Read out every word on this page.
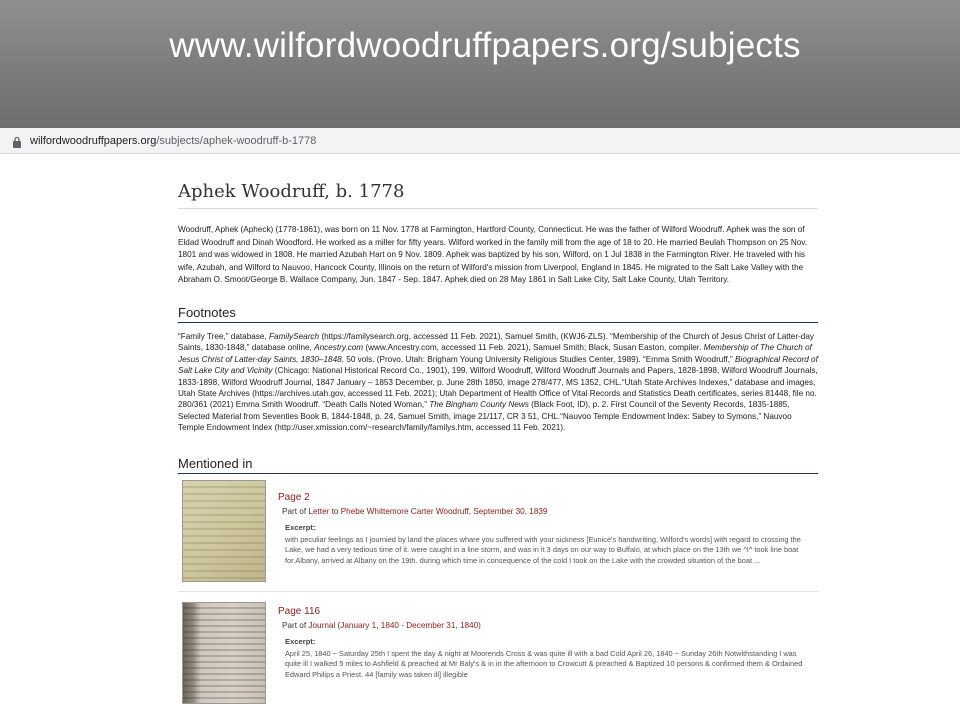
www.wilfordwoodruffpapers.org/subjects
wilfordwoodruffpapers.org/subjects/aphek-woodruff-b-1778
Aphek Woodruff, b. 1778

Woodruff, Aphek (Apheck) (1778-1861), was born on 11 Nov. 1778 at Farmington, Hartford County, Connecticut. He was the father of Wilford Woodruff. Aphek was the son of Eldad Woodruff and Dinah Woodford. He worked as a miller for fifty years. Wilford worked in the family mill from the age of 18 to 20. He married Beulah Thompson on 25 Nov. 1801 and was widowed in 1808. He married Azubah Hart on 9 Nov. 1809. Aphek was baptized by his son, Wilford, on 1 Jul 1838 in the Farmington River. He traveled with his wife, Azubah, and Wilford to Nauvoo, Hancock County, Illinois on the return of Wilford's mission from Liverpool, England in 1845. He migrated to the Salt Lake Valley with the Abraham O. Smoot/George B. Wallace Company, Jun. 1847 - Sep. 1847. Aphek died on 28 May 1861 in Salt Lake City, Salt Lake County, Utah Territory.

Footnotes

“Family Tree,” database, FamilySearch (https://familysearch.org, accessed 11 Feb. 2021), Samuel Smith, (KWJ6-ZLS). “Membership of the Church of Jesus Christ of Latter-day Saints, 1830-1848,” database online, Ancestry.com (www.Ancestry.com, accessed 11 Feb. 2021), Samuel Smith; Black, Susan Easton, compiler. Membership of The Church of Jesus Christ of Latter-day Saints, 1830–1848. 50 vols. (Provo, Utah: Brigham Young University Religious Studies Center, 1989). “Emma Smith Woodruff,” Biographical Record of Salt Lake City and Vicinity (Chicago: National Historical Record Co., 1901), 199. Wilford Woodruff, Wilford Woodruff Journals and Papers, 1828-1898, Wilford Woodruff Journals, 1833-1898, Wilford Woodruff Journal, 1847 January – 1853 December, p. June 28th 1850, image 278/477, MS 1352, CHL.“Utah State Archives Indexes,” database and images, Utah State Archives (https://archives.utah.gov, accessed 11 Feb. 2021); Utah Department of Health Office of Vital Records and Statistics Death certificates, series 81448, file no. 280/361 (2021) Emma Smith Woodruff. “Death Calls Noted Woman,” The Bingham County News (Black Foot, ID), p. 2. First Council of the Seventy Records, 1835-1885, Selected Material from Seventies Book B, 1844-1848, p. 24, Samuel Smith, image 21/117, CR 3 51, CHL.“Nauvoo Temple Endowment Index: Sabey to Symons,” Nauvoo Temple Endowment Index (http://user.xmission.com/~research/family/familys.htm, accessed 11 Feb. 2021).

Mentioned in
Page 2
Part of Letter to Phebe Whittemore Carter Woodruff, September 30, 1839
Excerpt:
with peculiar feelings as I journied by land the places whare you suffered with your sickness [Eunice's handwriting, Wilford's words] with regard to crossing the Lake, we had a very tedious time of it. were caught in a line storm, and was in it 3 days on our way to Buffalo, at which place on the 13th we ^I^ took line boat for Albany, arrived at Albany on the 19th. during which time in consequence of the cold I took on the Lake with the crowded situation of the boat ...
Page 116
Part of Journal (January 1, 1840 - December 31, 1840)
Excerpt:
April 25, 1840 ~ Saturday 25th I spent the day & night at Moorends Cross & was quite ill with a bad Cold April 26, 1840 ~ Sunday 26th Notwithstanding I was quite ill I walked 5 miles to Ashfield & preached at Mr Baly's & in in the afternoon to Crowcutt & preached & Baptized 10 persons & confirmed them & Ordained Edward Philips a Priest. 44 [family was taken ill] illegible
